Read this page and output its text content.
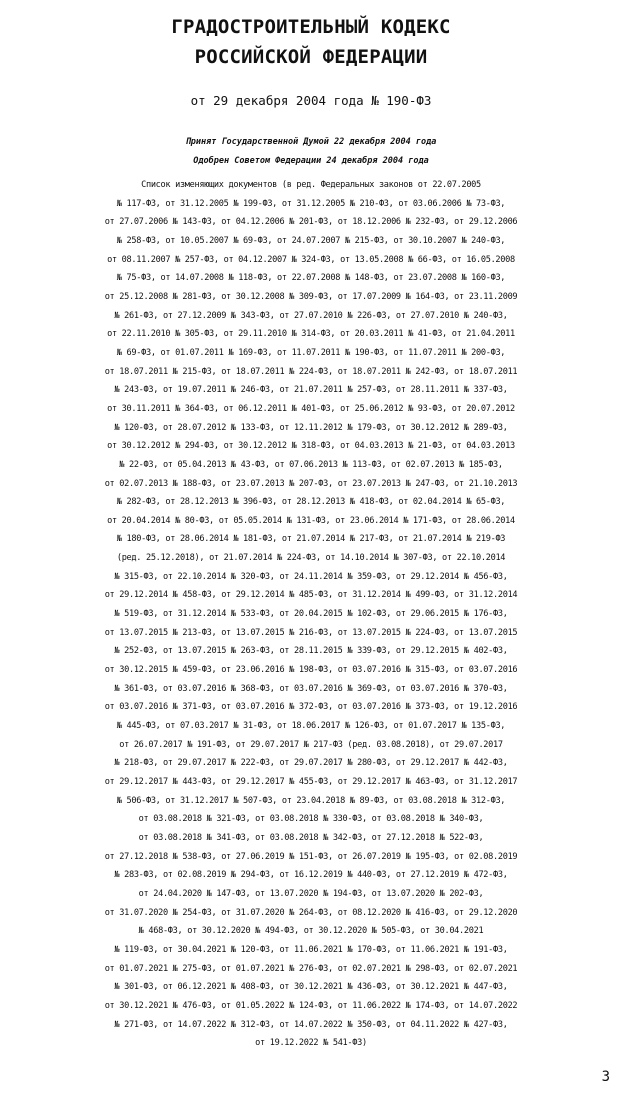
ГРАДОСТРОИТЕЛЬНЫЙ КОДЕКС
РОССИЙСКОЙ ФЕДЕРАЦИИ
от 29 декабря 2004 года № 190-ФЗ
Принят Государственной Думой 22 декабря 2004 года
Одобрен Советом Федерации 24 декабря 2004 года
Список изменяющих документов (в ред. Федеральных законов от 22.07.2005
№ 117-ФЗ, от 31.12.2005 № 199-ФЗ, от 31.12.2005 № 210-ФЗ, от 03.06.2006 № 73-ФЗ,
от 27.07.2006 № 143-ФЗ, от 04.12.2006 № 201-ФЗ, от 18.12.2006 № 232-ФЗ, от 29.12.2006
№ 258-ФЗ, от 10.05.2007 № 69-ФЗ, от 24.07.2007 № 215-ФЗ, от 30.10.2007 № 240-ФЗ,
от 08.11.2007 № 257-ФЗ, от 04.12.2007 № 324-ФЗ, от 13.05.2008 № 66-ФЗ, от 16.05.2008
№ 75-ФЗ, от 14.07.2008 № 118-ФЗ, от 22.07.2008 № 148-ФЗ, от 23.07.2008 № 160-ФЗ,
от 25.12.2008 № 281-ФЗ, от 30.12.2008 № 309-ФЗ, от 17.07.2009 № 164-ФЗ, от 23.11.2009
№ 261-ФЗ, от 27.12.2009 № 343-ФЗ, от 27.07.2010 № 226-ФЗ, от 27.07.2010 № 240-ФЗ,
от 22.11.2010 № 305-ФЗ, от 29.11.2010 № 314-ФЗ, от 20.03.2011 № 41-ФЗ, от 21.04.2011
№ 69-ФЗ, от 01.07.2011 № 169-ФЗ, от 11.07.2011 № 190-ФЗ, от 11.07.2011 № 200-ФЗ,
от 18.07.2011 № 215-ФЗ, от 18.07.2011 № 224-ФЗ, от 18.07.2011 № 242-ФЗ, от 18.07.2011
№ 243-ФЗ, от 19.07.2011 № 246-ФЗ, от 21.07.2011 № 257-ФЗ, от 28.11.2011 № 337-ФЗ,
от 30.11.2011 № 364-ФЗ, от 06.12.2011 № 401-ФЗ, от 25.06.2012 № 93-ФЗ, от 20.07.2012
№ 120-ФЗ, от 28.07.2012 № 133-ФЗ, от 12.11.2012 № 179-ФЗ, от 30.12.2012 № 289-ФЗ,
от 30.12.2012 № 294-ФЗ, от 30.12.2012 № 318-ФЗ, от 04.03.2013 № 21-ФЗ, от 04.03.2013
№ 22-ФЗ, от 05.04.2013 № 43-ФЗ, от 07.06.2013 № 113-ФЗ, от 02.07.2013 № 185-ФЗ,
от 02.07.2013 № 188-ФЗ, от 23.07.2013 № 207-ФЗ, от 23.07.2013 № 247-ФЗ, от 21.10.2013
№ 282-ФЗ, от 28.12.2013 № 396-ФЗ, от 28.12.2013 № 418-ФЗ, от 02.04.2014 № 65-ФЗ,
от 20.04.2014 № 80-ФЗ, от 05.05.2014 № 131-ФЗ, от 23.06.2014 № 171-ФЗ, от 28.06.2014
№ 180-ФЗ, от 28.06.2014 № 181-ФЗ, от 21.07.2014 № 217-ФЗ, от 21.07.2014 № 219-ФЗ
(ред. 25.12.2018), от 21.07.2014 № 224-ФЗ, от 14.10.2014 № 307-ФЗ, от 22.10.2014
№ 315-ФЗ, от 22.10.2014 № 320-ФЗ, от 24.11.2014 № 359-ФЗ, от 29.12.2014 № 456-ФЗ,
от 29.12.2014 № 458-ФЗ, от 29.12.2014 № 485-ФЗ, от 31.12.2014 № 499-ФЗ, от 31.12.2014
№ 519-ФЗ, от 31.12.2014 № 533-ФЗ, от 20.04.2015 № 102-ФЗ, от 29.06.2015 № 176-ФЗ,
от 13.07.2015 № 213-ФЗ, от 13.07.2015 № 216-ФЗ, от 13.07.2015 № 224-ФЗ, от 13.07.2015
№ 252-ФЗ, от 13.07.2015 № 263-ФЗ, от 28.11.2015 № 339-ФЗ, от 29.12.2015 № 402-ФЗ,
от 30.12.2015 № 459-ФЗ, от 23.06.2016 № 198-ФЗ, от 03.07.2016 № 315-ФЗ, от 03.07.2016
№ 361-ФЗ, от 03.07.2016 № 368-ФЗ, от 03.07.2016 № 369-ФЗ, от 03.07.2016 № 370-ФЗ,
от 03.07.2016 № 371-ФЗ, от 03.07.2016 № 372-ФЗ, от 03.07.2016 № 373-ФЗ, от 19.12.2016
№ 445-ФЗ, от 07.03.2017 № 31-ФЗ, от 18.06.2017 № 126-ФЗ, от 01.07.2017 № 135-ФЗ,
от 26.07.2017 № 191-ФЗ, от 29.07.2017 № 217-ФЗ (ред. 03.08.2018), от 29.07.2017
№ 218-ФЗ, от 29.07.2017 № 222-ФЗ, от 29.07.2017 № 280-ФЗ, от 29.12.2017 № 442-ФЗ,
от 29.12.2017 № 443-ФЗ, от 29.12.2017 № 455-ФЗ, от 29.12.2017 № 463-ФЗ, от 31.12.2017
№ 506-ФЗ, от 31.12.2017 № 507-ФЗ, от 23.04.2018 № 89-ФЗ, от 03.08.2018 № 312-ФЗ,
от 03.08.2018 № 321-ФЗ, от 03.08.2018 № 330-ФЗ, от 03.08.2018 № 340-ФЗ,
от 03.08.2018 № 341-ФЗ, от 03.08.2018 № 342-ФЗ, от 27.12.2018 № 522-ФЗ,
от 27.12.2018 № 538-ФЗ, от 27.06.2019 № 151-ФЗ, от 26.07.2019 № 195-ФЗ, от 02.08.2019
№ 283-ФЗ, от 02.08.2019 № 294-ФЗ, от 16.12.2019 № 440-ФЗ, от 27.12.2019 № 472-ФЗ,
от 24.04.2020 № 147-ФЗ, от 13.07.2020 № 194-ФЗ, от 13.07.2020 № 202-ФЗ,
от 31.07.2020 № 254-ФЗ, от 31.07.2020 № 264-ФЗ, от 08.12.2020 № 416-ФЗ, от 29.12.2020
№ 468-ФЗ, от 30.12.2020 № 494-ФЗ, от 30.12.2020 № 505-ФЗ, от 30.04.2021
№ 119-ФЗ, от 30.04.2021 № 120-ФЗ, от 11.06.2021 № 170-ФЗ, от 11.06.2021 № 191-ФЗ,
от 01.07.2021 № 275-ФЗ, от 01.07.2021 № 276-ФЗ, от 02.07.2021 № 298-ФЗ, от 02.07.2021
№ 301-ФЗ, от 06.12.2021 № 408-ФЗ, от 30.12.2021 № 436-ФЗ, от 30.12.2021 № 447-ФЗ,
от 30.12.2021 № 476-ФЗ, от 01.05.2022 № 124-ФЗ, от 11.06.2022 № 174-ФЗ, от 14.07.2022
№ 271-ФЗ, от 14.07.2022 № 312-ФЗ, от 14.07.2022 № 350-ФЗ, от 04.11.2022 № 427-ФЗ,
от 19.12.2022 № 541-ФЗ)
3
